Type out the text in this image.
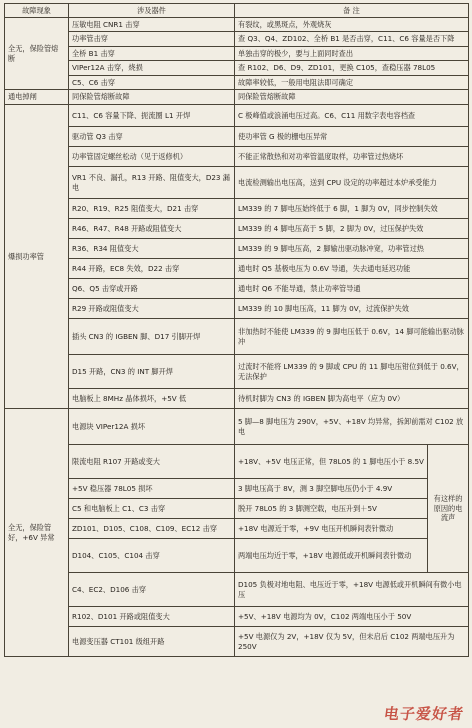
故障现象	涉及器件	备 注	
全无，保险管熔断	压敏电阻 CNR1 击穿	有裂纹，或黑斑点，外观烧灰	
	功率管击穿	查 Q3、Q4、ZD102、全桥 B1 是否击穿，C11、C6 容量是否下降	
	全桥 B1 击穿	单独击穿的极少，要与上面同时查出	
	VIPer12A 击穿，烧损	查 R102、D6、D9、ZD101，更换 C105，查稳压器 78L05	
	C5、C6 击穿	故障率较低，一般用电阻法即可确定	
通电掉闸	同保险管熔断故障	同保险管熔断故障	
爆损功率管	C11、C6 容量下降、扼流圈 L1 开焊	C 极峰值或浪涌电压过高。C6、C11 用数字表电容档查	
	驱动管 Q3 击穿	使功率管 G 极的栅电压异常	
	功率管固定螺丝松动（见于返修机）	不能正常散热和对功率管温度取样，功率管过热烧坏	
	VR1 不良、漏孔，R13 开路、阻值变大，D23 漏电	电流检测输出电压高，送到 CPU 设定的功率超过本炉承受能力	
	R20、R19、R25 阻值变大，D21 击穿	LM339 的 7 脚电压始终低于 6 脚，1 脚为 0V，同步控制失效	
	R46、R47、R48 开路或阻值变大	LM339 的 4 脚电压高于 5 脚，2 脚为 0V，过压保护失效	
	R36、R34 阻值变大	LM339 的 9 脚电压高，2 脚输出驱动脉冲宽，功率管过热	
	R44 开路，EC8 失效，D22 击穿	通电时 Q5 基极电压为 0.6V 导通，失去通电延迟功能	
	Q6、Q5 击穿或开路	通电时 Q6 不能导通，禁止功率管导通	
	R29 开路或阻值变大	LM339 的 10 脚电压高，11 脚为 0V，过流保护失效	
	插头 CN3 的 IGBEN 脚、D17 引脚开焊	非加热时不能使 LM339 的 9 脚电压低于 0.6V，14 脚可能输出驱动脉冲	
	D15 开路，CN3 的 INT 脚开焊	过流时不能将 LM339 的 9 脚或 CPU 的 11 脚电压钳位到低于 0.6V，无法保护	
	电脑板上 8MHz 晶体损坏，+5V 低	待机时脚为 CN3 的 IGBEN 脚为高电平（应为 0V）	
全无，保险管好，+6V 异常	电源块 VIPer12A 损坏	5 脚—8 脚电压为 290V，+5V、+18V 均异常，拆卸前需对 C102 放电	
	限流电阻 R107 开路或变大	+18V、+5V 电压正常，但 78L05 的 1 脚电压小于 8.5V	有这样的原因的电流声
	+5V 稳压器 78L05 损坏	3 脚电压高于 8V，测 3 脚空脚电压仍小于 4.9V	
	C5 和电脑板上 C1、C3 击穿	脱开 78L05 的 3 脚测空载，电压升到＋5V	
	ZD101、D105、C108、C109、EC12 击穿	+18V 电源近于零，+9V 电压开机瞬间表针微动	
	D104、C105、C104 击穿	两端电压均近于零，+18V 电源低或开机瞬间表针微动	
	C4、EC2、D106 击穿	D105 负极对地电阻、电压近于零，+18V 电源低或开机瞬间有微小电压	
	R102、D101 开路或阻值变大	+5V、+18V 电源均为 0V，C102 两端电压小于 50V	
	电源变压器 CT101 级组开路	+5V 电源仅为 2V，+18V 仅为 5V，但未启后 C102 两端电压升为 250V	
电子爱好者
